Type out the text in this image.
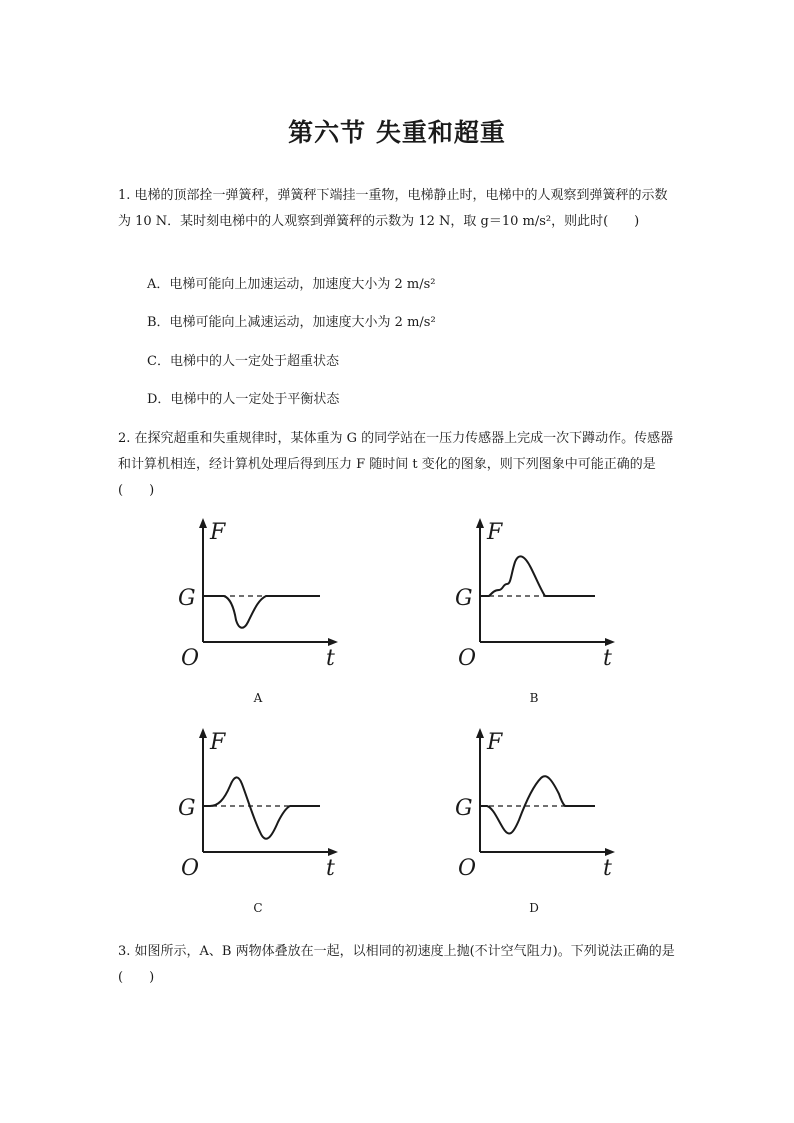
第六节 失重和超重
1. 电梯的顶部拴一弹簧秤，弹簧秤下端挂一重物，电梯静止时，电梯中的人观察到弹簧秤的示数为 10 N．某时刻电梯中的人观察到弹簧秤的示数为 12 N，取 g＝10 m/s²，则此时(　　)
A．电梯可能向上加速运动，加速度大小为 2 m/s²
B．电梯可能向上减速运动，加速度大小为 2 m/s²
C．电梯中的人一定处于超重状态
D．电梯中的人一定处于平衡状态
2. 在探究超重和失重规律时，某体重为 G 的同学站在一压力传感器上完成一次下蹲动作。传感器和计算机相连，经计算机处理后得到压力 F 随时间 t 变化的图象，则下列图象中可能正确的是(　　)
F
G
O	t
A
F
G
O	t
B
F
G
O	t
C
F
G
O	t
D
3. 如图所示，A、B 两物体叠放在一起，以相同的初速度上抛(不计空气阻力)。下列说法正确的是(　　)
